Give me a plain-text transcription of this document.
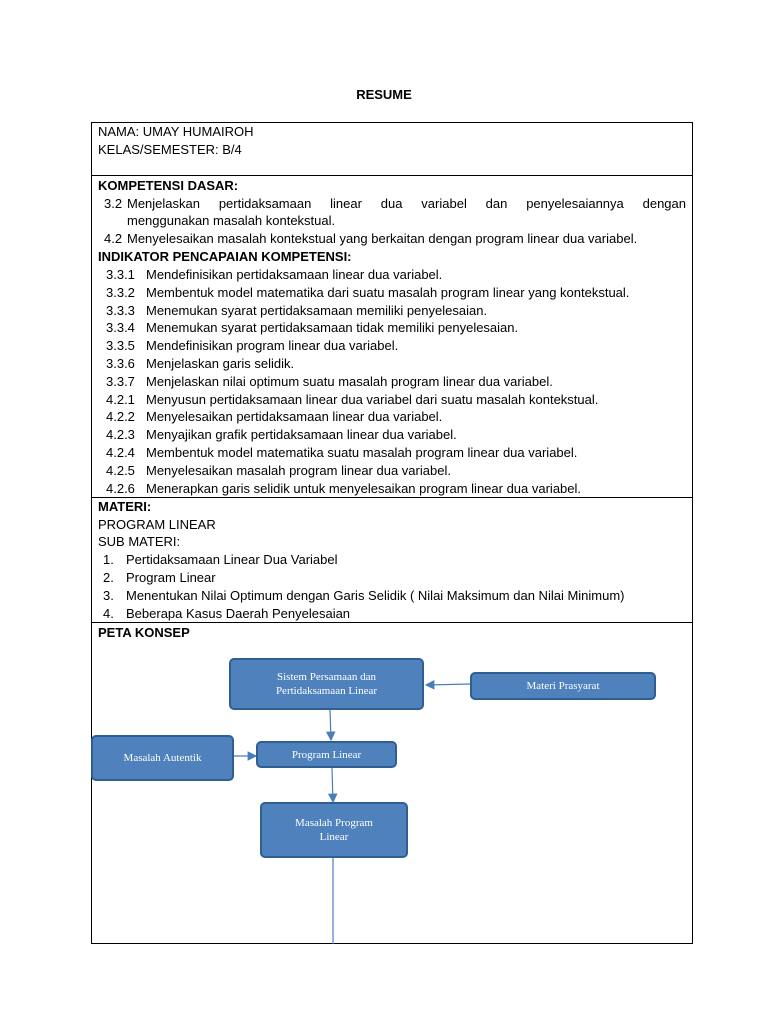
RESUME
NAMA: UMAY HUMAIROH
KELAS/SEMESTER: B/4
KOMPETENSI DASAR:
3.2 Menjelaskan pertidaksamaan linear dua variabel dan penyelesaiannya dengan
menggunakan masalah kontekstual.
4.2 Menyelesaikan masalah kontekstual yang berkaitan dengan program linear dua variabel.
INDIKATOR PENCAPAIAN KOMPETENSI:
3.3.1 Mendefinisikan pertidaksamaan linear dua variabel.
3.3.2 Membentuk model matematika dari suatu masalah program linear yang kontekstual.
3.3.3 Menemukan syarat pertidaksamaan memiliki penyelesaian.
3.3.4 Menemukan syarat pertidaksamaan tidak memiliki penyelesaian.
3.3.5 Mendefinisikan program linear dua variabel.
3.3.6 Menjelaskan garis selidik.
3.3.7 Menjelaskan nilai optimum suatu masalah program linear dua variabel.
4.2.1 Menyusun pertidaksamaan linear dua variabel dari suatu masalah kontekstual.
4.2.2 Menyelesaikan pertidaksamaan linear dua variabel.
4.2.3 Menyajikan grafik pertidaksamaan linear dua variabel.
4.2.4 Membentuk model matematika suatu masalah program linear dua variabel.
4.2.5 Menyelesaikan masalah program linear dua variabel.
4.2.6 Menerapkan garis selidik untuk menyelesaikan program linear dua variabel.
MATERI:
PROGRAM LINEAR
SUB MATERI:
1. Pertidaksamaan Linear Dua Variabel
2. Program Linear
3. Menentukan Nilai Optimum dengan Garis Selidik ( Nilai Maksimum dan Nilai Minimum)
4. Beberapa Kasus Daerah Penyelesaian
PETA KONSEP
Sistem Persamaan dan
Pertidaksamaan Linear	Materi Prasyarat
Masalah Autentik	Program Linear
Masalah Program
Linear
